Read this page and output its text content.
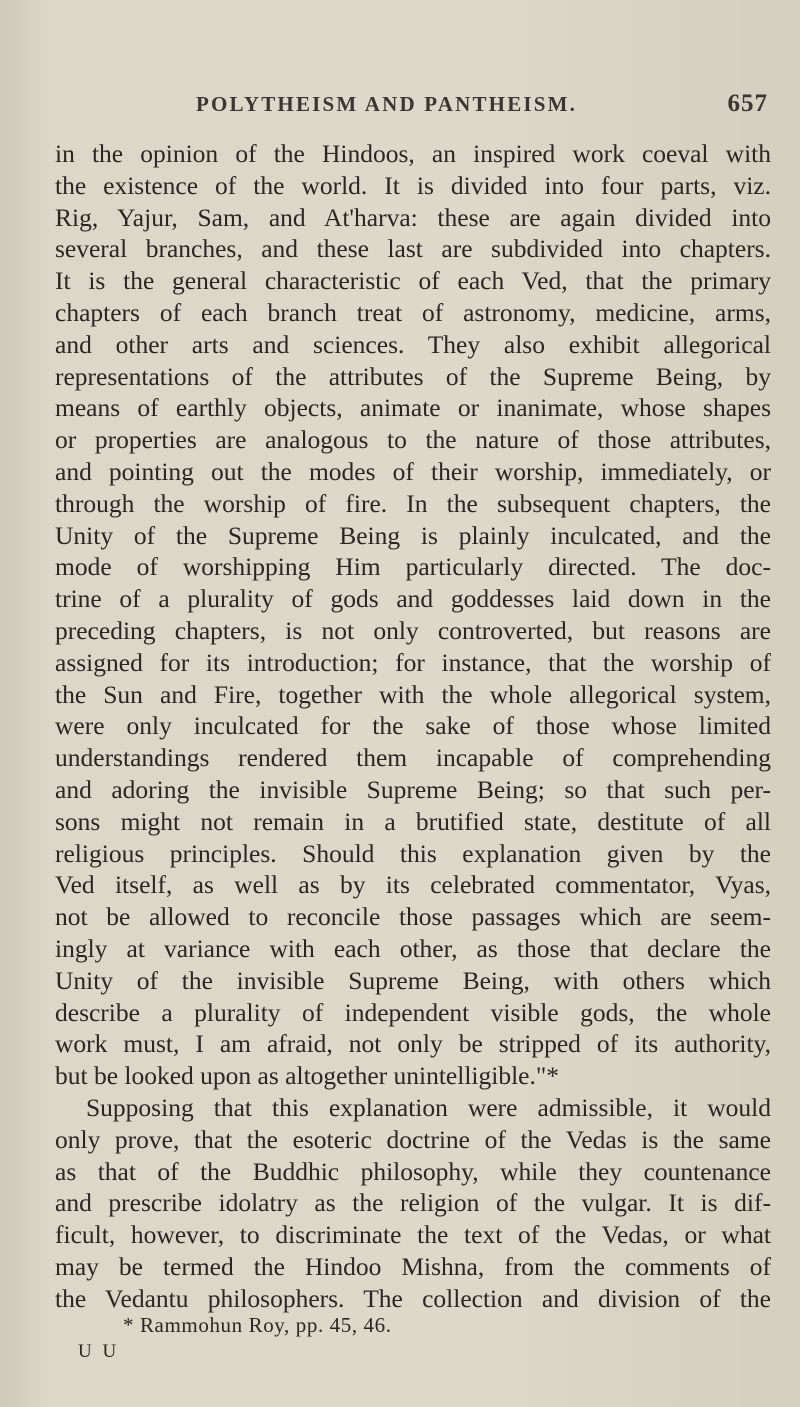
POLYTHEISM AND PANTHEISM.	657
in the opinion of the Hindoos, an inspired work coeval with
the existence of the world. It is divided into four parts, viz.
Rig, Yajur, Sam, and At'harva: these are again divided into
several branches, and these last are subdivided into chapters.
It is the general characteristic of each Ved, that the primary
chapters of each branch treat of astronomy, medicine, arms,
and other arts and sciences. They also exhibit allegorical
representations of the attributes of the Supreme Being, by
means of earthly objects, animate or inanimate, whose shapes
or properties are analogous to the nature of those attributes,
and pointing out the modes of their worship, immediately, or
through the worship of fire. In the subsequent chapters, the
Unity of the Supreme Being is plainly inculcated, and the
mode of worshipping Him particularly directed. The doc-
trine of a plurality of gods and goddesses laid down in the
preceding chapters, is not only controverted, but reasons are
assigned for its introduction; for instance, that the worship of
the Sun and Fire, together with the whole allegorical system,
were only inculcated for the sake of those whose limited
understandings rendered them incapable of comprehending
and adoring the invisible Supreme Being; so that such per-
sons might not remain in a brutified state, destitute of all
religious principles. Should this explanation given by the
Ved itself, as well as by its celebrated commentator, Vyas,
not be allowed to reconcile those passages which are seem-
ingly at variance with each other, as those that declare the
Unity of the invisible Supreme Being, with others which
describe a plurality of independent visible gods, the whole
work must, I am afraid, not only be stripped of its authority,
but be looked upon as altogether unintelligible."*
Supposing that this explanation were admissible, it would
only prove, that the esoteric doctrine of the Vedas is the same
as that of the Buddhic philosophy, while they countenance
and prescribe idolatry as the religion of the vulgar. It is dif-
ficult, however, to discriminate the text of the Vedas, or what
may be termed the Hindoo Mishna, from the comments of
the Vedantu philosophers. The collection and division of the
* Rammohun Roy, pp. 45, 46.
U U
